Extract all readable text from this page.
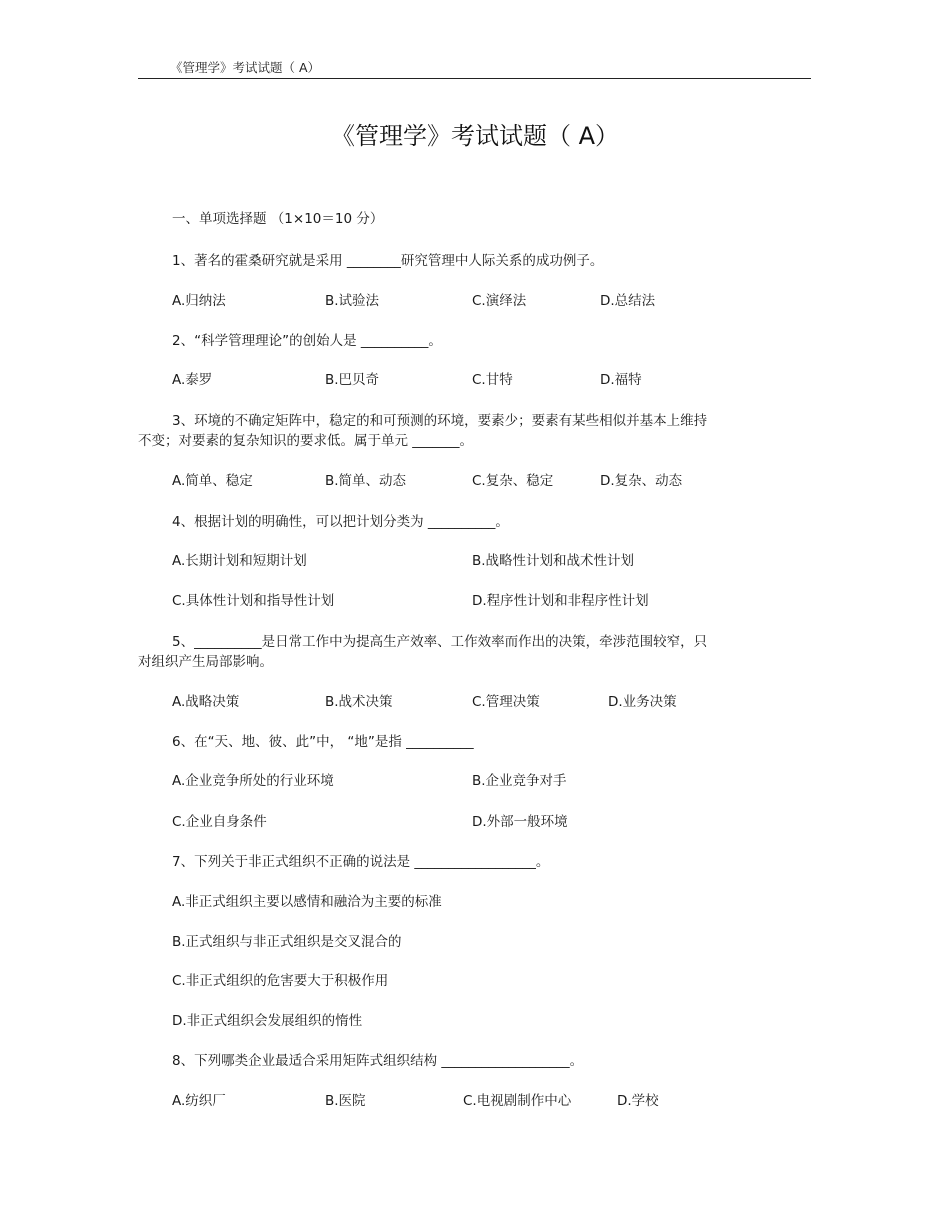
《管理学》考试试题（ A）
《管理学》考试试题（ A）
一、单项选择题 （1×10＝10 分）
1、著名的霍桑研究就是采用 ________研究管理中人际关系的成功例子。
A.归纳法	B.试验法	C.演绎法	D.总结法
2、“科学管理理论”的创始人是 __________。
A.泰罗	B.巴贝奇	C.甘特	D.福特
3、环境的不确定矩阵中，稳定的和可预测的环境，要素少；要素有某些相似并基本上维持
不变；对要素的复杂知识的要求低。属于单元 _______。
A.简单、稳定	B.简单、动态	C.复杂、稳定	D.复杂、动态
4、根据计划的明确性，可以把计划分类为 __________。
A.长期计划和短期计划	B.战略性计划和战术性计划
C.具体性计划和指导性计划	D.程序性计划和非程序性计划
5、__________是日常工作中为提高生产效率、工作效率而作出的决策，牵涉范围较窄，只
对组织产生局部影响。
A.战略决策	B.战术决策	C.管理决策	D.业务决策
6、在“天、地、彼、此”中， “地”是指 __________
A.企业竞争所处的行业环境	B.企业竞争对手
C.企业自身条件	D.外部一般环境
7、下列关于非正式组织不正确的说法是 __________________。
A.非正式组织主要以感情和融洽为主要的标准
B.正式组织与非正式组织是交叉混合的
C.非正式组织的危害要大于积极作用
D.非正式组织会发展组织的惰性
8、下列哪类企业最适合采用矩阵式组织结构 ___________________。
A.纺织厂	B.医院	C.电视剧制作中心	D.学校
